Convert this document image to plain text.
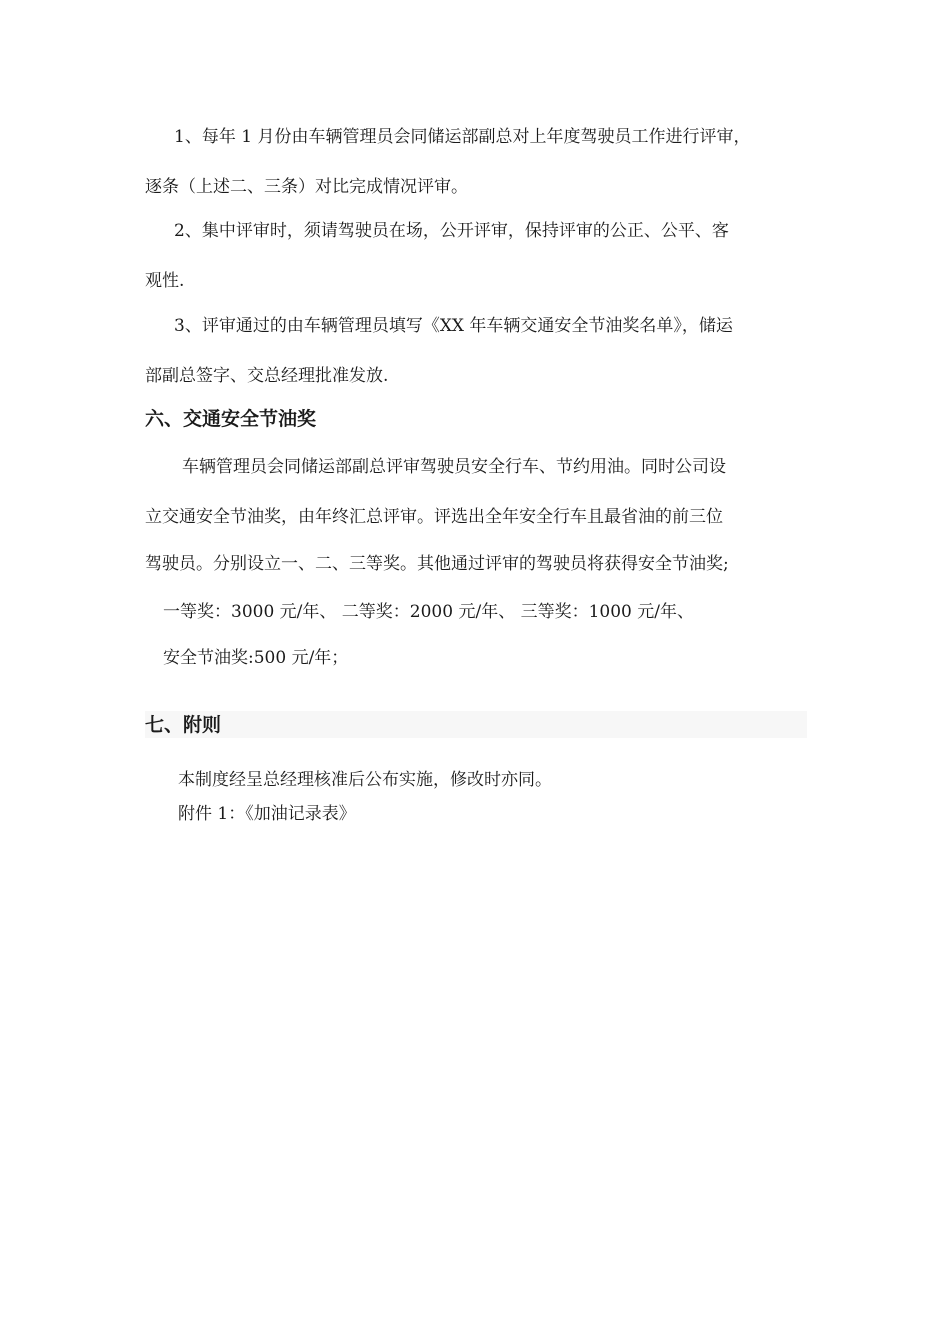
1、每年 1 月份由车辆管理员会同储运部副总对上年度驾驶员工作进行评审，
逐条（上述二、三条）对比完成情况评审。
2、集中评审时，须请驾驶员在场，公开评审，保持评审的公正、公平、客
观性.
3、评审通过的由车辆管理员填写《XX 年车辆交通安全节油奖名单》，储运
部副总签字、交总经理批准发放.
六、交通安全节油奖
车辆管理员会同储运部副总评审驾驶员安全行车、节约用油。同时公司设
立交通安全节油奖，由年终汇总评审。评选出全年安全行车且最省油的前三位
驾驶员。分别设立一、二、三等奖。其他通过评审的驾驶员将获得安全节油奖;
一等奖：3000 元/年、 二等奖：2000 元/年、 三等奖：1000 元/年、
安全节油奖:500 元/年；
七、附则
本制度经呈总经理核准后公布实施，修改时亦同。
附件 1：《加油记录表》
